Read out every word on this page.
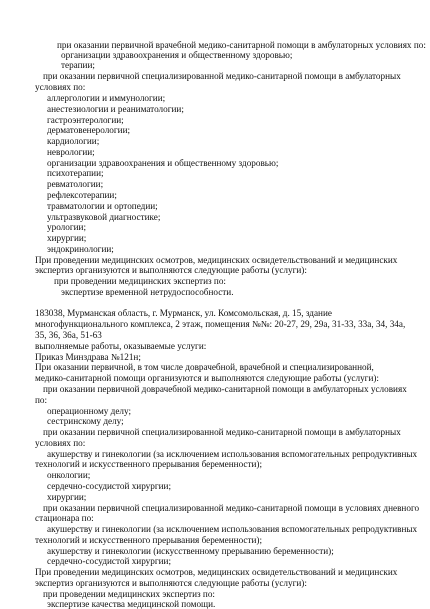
при оказании первичной врачебной медико-санитарной помощи в амбулаторных условиях по:
организации здравоохранения и общественному здоровью;
терапии;
при оказании первичной специализированной медико-санитарной помощи в амбулаторных
условиях по:
аллергологии и иммунологии;
анестезиологии и реаниматологии;
гастроэнтерологии;
дерматовенерологии;
кардиологии;
неврологии;
организации здравоохранения и общественному здоровью;
психотерапии;
ревматологии;
рефлексотерапии;
травматологии и ортопедии;
ультразвуковой диагностике;
урологии;
хирургии;
эндокринологии;
При проведении медицинских осмотров, медицинских освидетельствований и медицинских
экспертиз организуются и выполняются следующие работы (услуги):
при проведении медицинских экспертиз по:
экспертизе временной нетрудоспособности.
183038, Мурманская область, г. Мурманск, ул. Комсомольская, д. 15, здание
многофункционального комплекса, 2 этаж, помещения №№: 20-27, 29, 29а, 31-33, 33а, 34, 34а,
35, 36, 36а, 51-63
выполняемые работы, оказываемые услуги:
Приказ Минздрава №121н;
При оказании первичной, в том числе доврачебной, врачебной и специализированной,
медико-санитарной помощи организуются и выполняются следующие работы (услуги):
при оказании первичной доврачебной медико-санитарной помощи в амбулаторных условиях
по:
операционному делу;
сестринскому делу;
при оказании первичной специализированной медико-санитарной помощи в амбулаторных
условиях по:
акушерству и гинекологии (за исключением использования вспомогательных репродуктивных
технологий и искусственного прерывания беременности);
онкологии;
сердечно-сосудистой хирургии;
хирургии;
при оказании первичной специализированной медико-санитарной помощи в условиях дневного
стационара по:
акушерству и гинекологии (за исключением использования вспомогательных репродуктивных
технологий и искусственного прерывания беременности);
акушерству и гинекологии (искусственному прерыванию беременности);
сердечно-сосудистой хирургии;
При проведении медицинских осмотров, медицинских освидетельствований и медицинских
экспертиз организуются и выполняются следующие работы (услуги):
при проведении медицинских экспертиз по:
экспертизе качества медицинской помощи.
